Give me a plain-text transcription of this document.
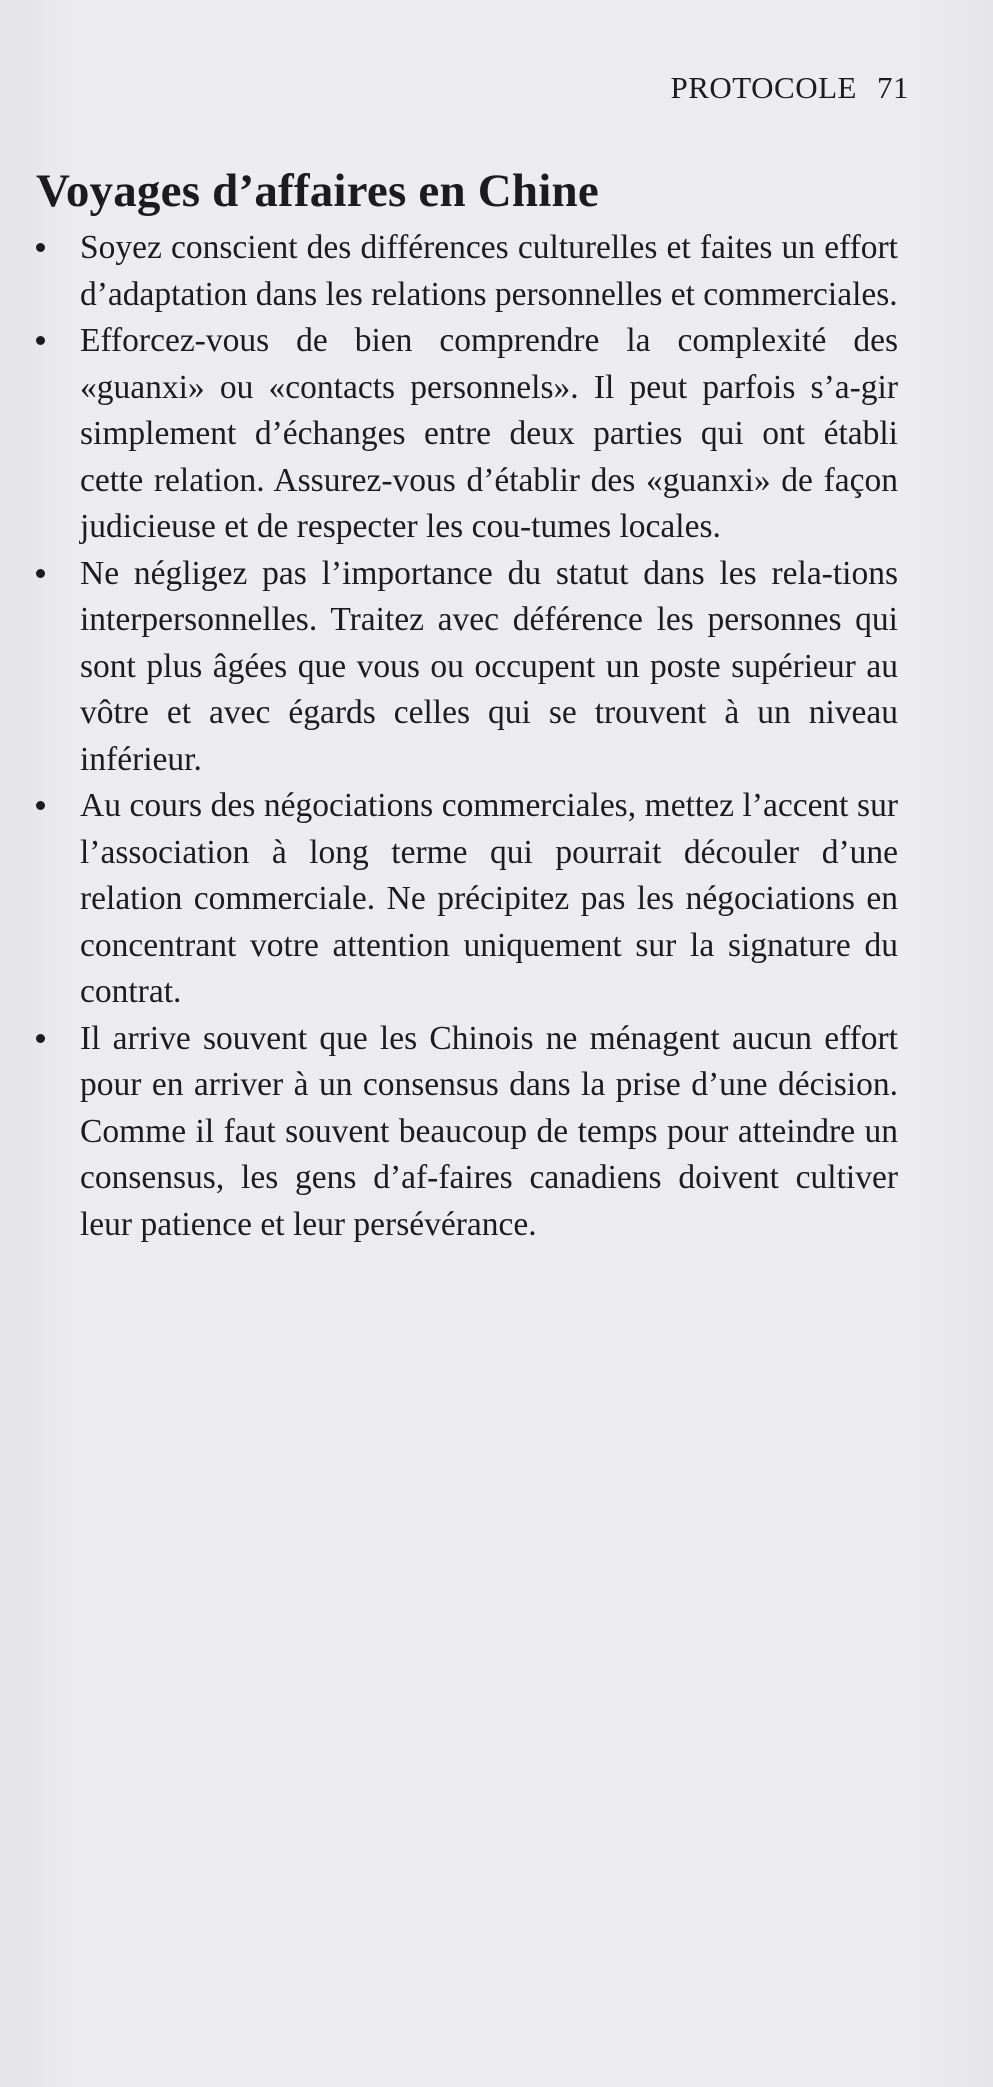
PROTOCOLE 71
Voyages d’affaires en Chine
Soyez conscient des différences culturelles et faites un effort d’adaptation dans les relations personnelles et commerciales.
Efforcez-vous de bien comprendre la complexité des «guanxi» ou «contacts personnels». Il peut parfois s’a-gir simplement d’échanges entre deux parties qui ont établi cette relation. Assurez-vous d’établir des «guanxi» de façon judicieuse et de respecter les cou-tumes locales.
Ne négligez pas l’importance du statut dans les rela-tions interpersonnelles. Traitez avec déférence les personnes qui sont plus âgées que vous ou occupent un poste supérieur au vôtre et avec égards celles qui se trouvent à un niveau inférieur.
Au cours des négociations commerciales, mettez l’accent sur l’association à long terme qui pourrait découler d’une relation commerciale. Ne précipitez pas les négociations en concentrant votre attention uniquement sur la signature du contrat.
Il arrive souvent que les Chinois ne ménagent aucun effort pour en arriver à un consensus dans la prise d’une décision. Comme il faut souvent beaucoup de temps pour atteindre un consensus, les gens d’af-faires canadiens doivent cultiver leur patience et leur persévérance.
